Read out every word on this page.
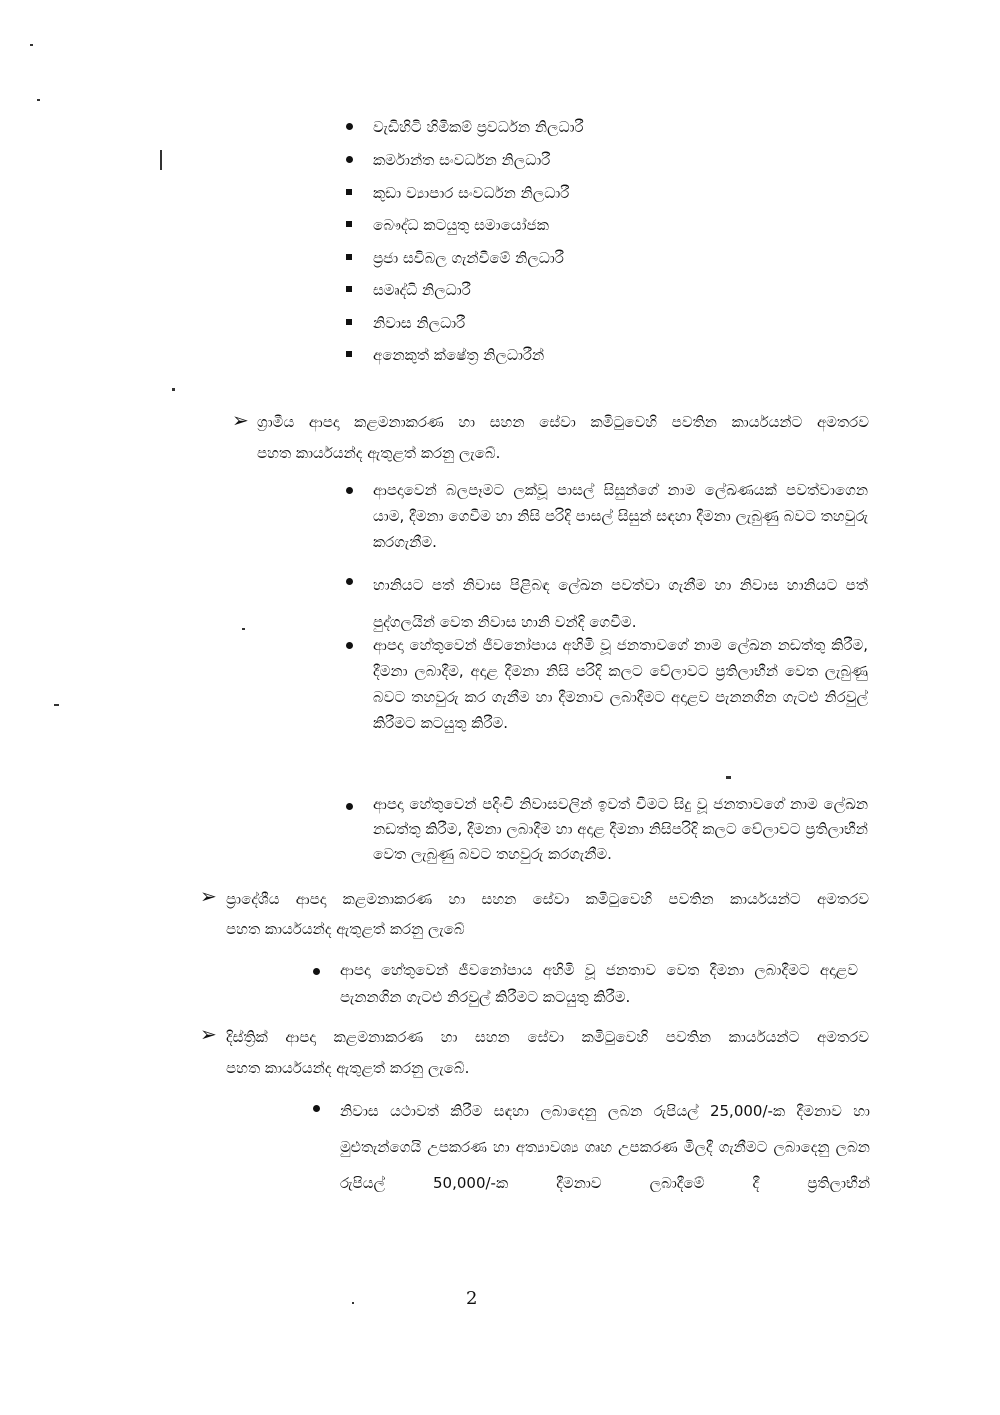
වැඩිහිටි හිමිකම් ප්‍රවර්ධන නිලධාරී
කර්මාන්ත සංවර්ධන නිලධාරී
කුඩා ව්‍යාපාර සංවර්ධන නිලධාරී
බෞද්ධ කටයුතු සමායෝජක
ප්‍රජා සවිබල ගැන්වීමේ නිලධාරී
සමෘද්ධි නිලධාරී
නිවාස නිලධාරී
අනෙකුත් ක්ෂේත්‍ර නිලධාරීන්
➢ ග්‍රාමීය ආපදා කළමනාකරණ හා සහන සේවා කමිටුවෙහි පවතින කාර්යයන්ට අමතරව
පහත කාර්යයන්ද ඇතුළත් කරනු ලැබේ.
ආපදාවෙන් බලපෑමට ලක්වූ පාසල් සිසුන්ගේ නාම ලේඛණයක් පවත්වාගෙන යාම, දීමනා ගෙවීම හා නිසි පරිදි පාසල් සිසුන් සඳහා දීමනා ලැබුණු බවට තහවුරු කරගැනීම.
හානියට පත් නිවාස පිළිබඳ ලේඛන පවත්වා ගැනීම හා නිවාස හානියට පත් පුද්ගලයින් වෙත නිවාස හානි වන්දි ගෙවීම.
ආපදා හේතුවෙන් ජීවනෝපාය අහිමි වූ ජනතාවගේ නාම ලේඛන නඩත්තු කිරීම, දීමනා ලබාදීම, අදාළ දීමනා නිසි පරිදි කලට වේලාවට ප්‍රතිලාභීන් වෙත ලැබුණු බවට තහවුරු කර ගැනීම හා දීමනාව ලබාදීමට අදාළව පැනනගින ගැටළු නිරවුල් කිරීමට කටයුතු කිරීම.
ආපදා හේතුවෙන් පදිංචි නිවාසවලින් ඉවත් වීමට සිදු වූ ජනතාවගේ නාම ලේඛන නඩත්තු කිරීම, දීමනා ලබාදීම හා අදාළ දීමනා නිසිපරිදි කලට වේලාවට ප්‍රතිලාභීන් වෙත ලැබුණු බවට තහවුරු කරගැනීම.
➢ ප්‍රාදේශීය ආපදා කළමනාකරණ හා සහන සේවා කමිටුවෙහි පවතින කාර්යයන්ට අමතරව
පහත කාර්යයන්ද ඇතුළත් කරනු ලැබේ
ආපදා හේතුවෙන් ජීවනෝපාය අහිමි වූ ජනතාව වෙත දීමනා ලබාදීමට අදාළව පැනනගින ගැටළු නිරවුල් කිරීමට කටයුතු කිරීම.
➢ දිස්ත්‍රික් ආපදා කළමනාකරණ හා සහන සේවා කමිටුවෙහි පවතින කාර්යයන්ට අමතරව
පහත කාර්යයන්ද ඇතුළත් කරනු ලැබේ.
නිවාස යථාවත් කිරීම සඳහා ලබාදෙනු ලබන රුපියල් 25,000/-ක දීමනාව හා මුළුතැන්ගෙයි උපකරණ හා අත්‍යාවශ්‍ය ගෘහ උපකරණ මිලදී ගැනීමට ලබාදෙනු ලබන රුපියල් 50,000/-ක දීමනාව ලබාදීමේ දී ප්‍රතිලාභීන්
2
